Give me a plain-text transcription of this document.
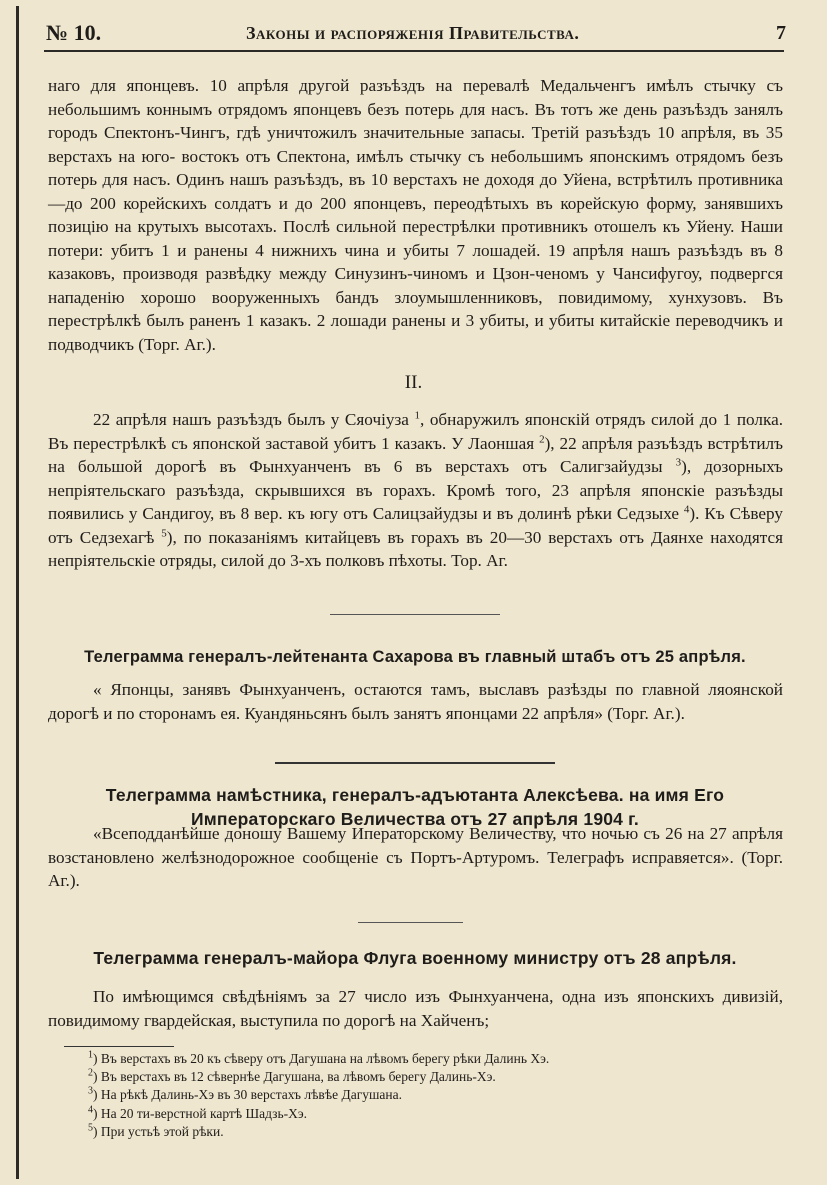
№ 10.	Законы и распоряженія Правительства.	7
наго для японцевъ. 10 апрѣля другой разъѣздъ на перевалѣ Медальченгъ имѣлъ стычку съ небольшимъ коннымъ отрядомъ японцевъ безъ потерь для насъ. Въ тотъ же день разъѣздъ занялъ городъ Спектонъ-Чингъ, гдѣ уничтожилъ значительные запасы. Третій разъѣздъ 10 апрѣля, въ 35 верстахъ на юго- востокъ отъ Спектона, имѣлъ стычку съ небольшимъ японскимъ отрядомъ безъ потерь для насъ. Одинъ нашъ разъѣздъ, въ 10 верстахъ не доходя до Уйена, встрѣтилъ противника—до 200 корейскихъ солдатъ и до 200 японцевъ, переодѣтыхъ въ корейскую форму, занявшихъ позицію на крутыхъ высотахъ. Послѣ сильной перестрѣлки противникъ отошелъ къ Уйену. Наши потери: убитъ 1 и ранены 4 нижнихъ чина и убиты 7 лошадей. 19 апрѣля нашъ разъѣздъ въ 8 казаковъ, производя развѣдку между Синузинъ-чиномъ и Цзон-ченомъ у Чансифугоу, подвергся нападенію хорошо вооруженныхъ бандъ злоумышленниковъ, повидимому, хунхузовъ. Въ перестрѣлкѣ былъ раненъ 1 казакъ. 2 лошади ранены и 3 убиты, и убиты китайскіе переводчикъ и подводчикъ (Торг. Аг.).
II.
22 апрѣля нашъ разъѣздъ былъ у Сяочіуза $^1$, обнаружилъ японскій отрядъ силой до 1 полка. Въ перестрѣлкѣ съ японской заставой убитъ 1 казакъ. У Лаоншая $^2$), 22 апрѣля разъѣздъ встрѣтилъ на большой дорогѣ въ Фынхуанченъ въ 6 въ верстахъ отъ Салигзайудзы $^3$), дозорныхъ непріятельскаго разъѣзда, скрывшихся въ горахъ. Кромѣ того, 23 апрѣля японскіе разъѣзды появились у Сандигоу, въ 8 вер. къ югу отъ Салицзайудзы и въ долинѣ рѣки Седзыхе $^4$). Къ Сѣверу отъ Седзехагѣ $^5$), по показаніямъ китайцевъ въ горахъ въ 20—30 верстахъ отъ Даянхе находятся непріятельскіе отряды, силой до 3-хъ полковъ пѣхоты. Тор. Аг.
Телеграмма генералъ-лейтенанта Сахарова въ главный штабъ отъ 25 апрѣля.
« Японцы, занявъ Фынхуанченъ, остаются тамъ, выславъ разѣзды по главной ляоянской дорогѣ и по сторонамъ ея. Куандяньсянъ былъ занятъ японцами 22 апрѣля» (Торг. Аг.).
Телеграмма намѣстника, генералъ-адъютанта Алексѣева. на имя Его Императорскаго Величества отъ 27 апрѣля 1904 г.
«Всеподданѣйше доношу Вашему Иператорскому Величеству, что ночью съ 26 на 27 апрѣля возстановлено желѣзнодорожное сообщеніе съ Портъ-Артуромъ. Телеграфъ исправяется». (Торг. Аг.).
Телеграмма генералъ-майора Флуга военному министру отъ 28 апрѣля.
По имѣющимся свѣдѣніямъ за 27 число изъ Фынхуанчена, одна изъ японскихъ дивизій, повидимому гвардейская, выступила по дорогѣ на Хайченъ;
$^1$) Въ верстахъ въ 20 къ сѣверу отъ Дагушана на лѣвомъ берегу рѣки Далинь Хэ.
$^2$) Въ верстахъ въ 12 сѣвернѣе Дагушана, ва лѣвомъ берегу Далинь-Хэ.
$^3$) На рѣкѣ Далинь-Хэ въ 30 верстахъ лѣвѣе Дагушана.
$^4$) На 20 ти-верстной картѣ Шадзь-Хэ.
$^5$) При устьѣ этой рѣки.
